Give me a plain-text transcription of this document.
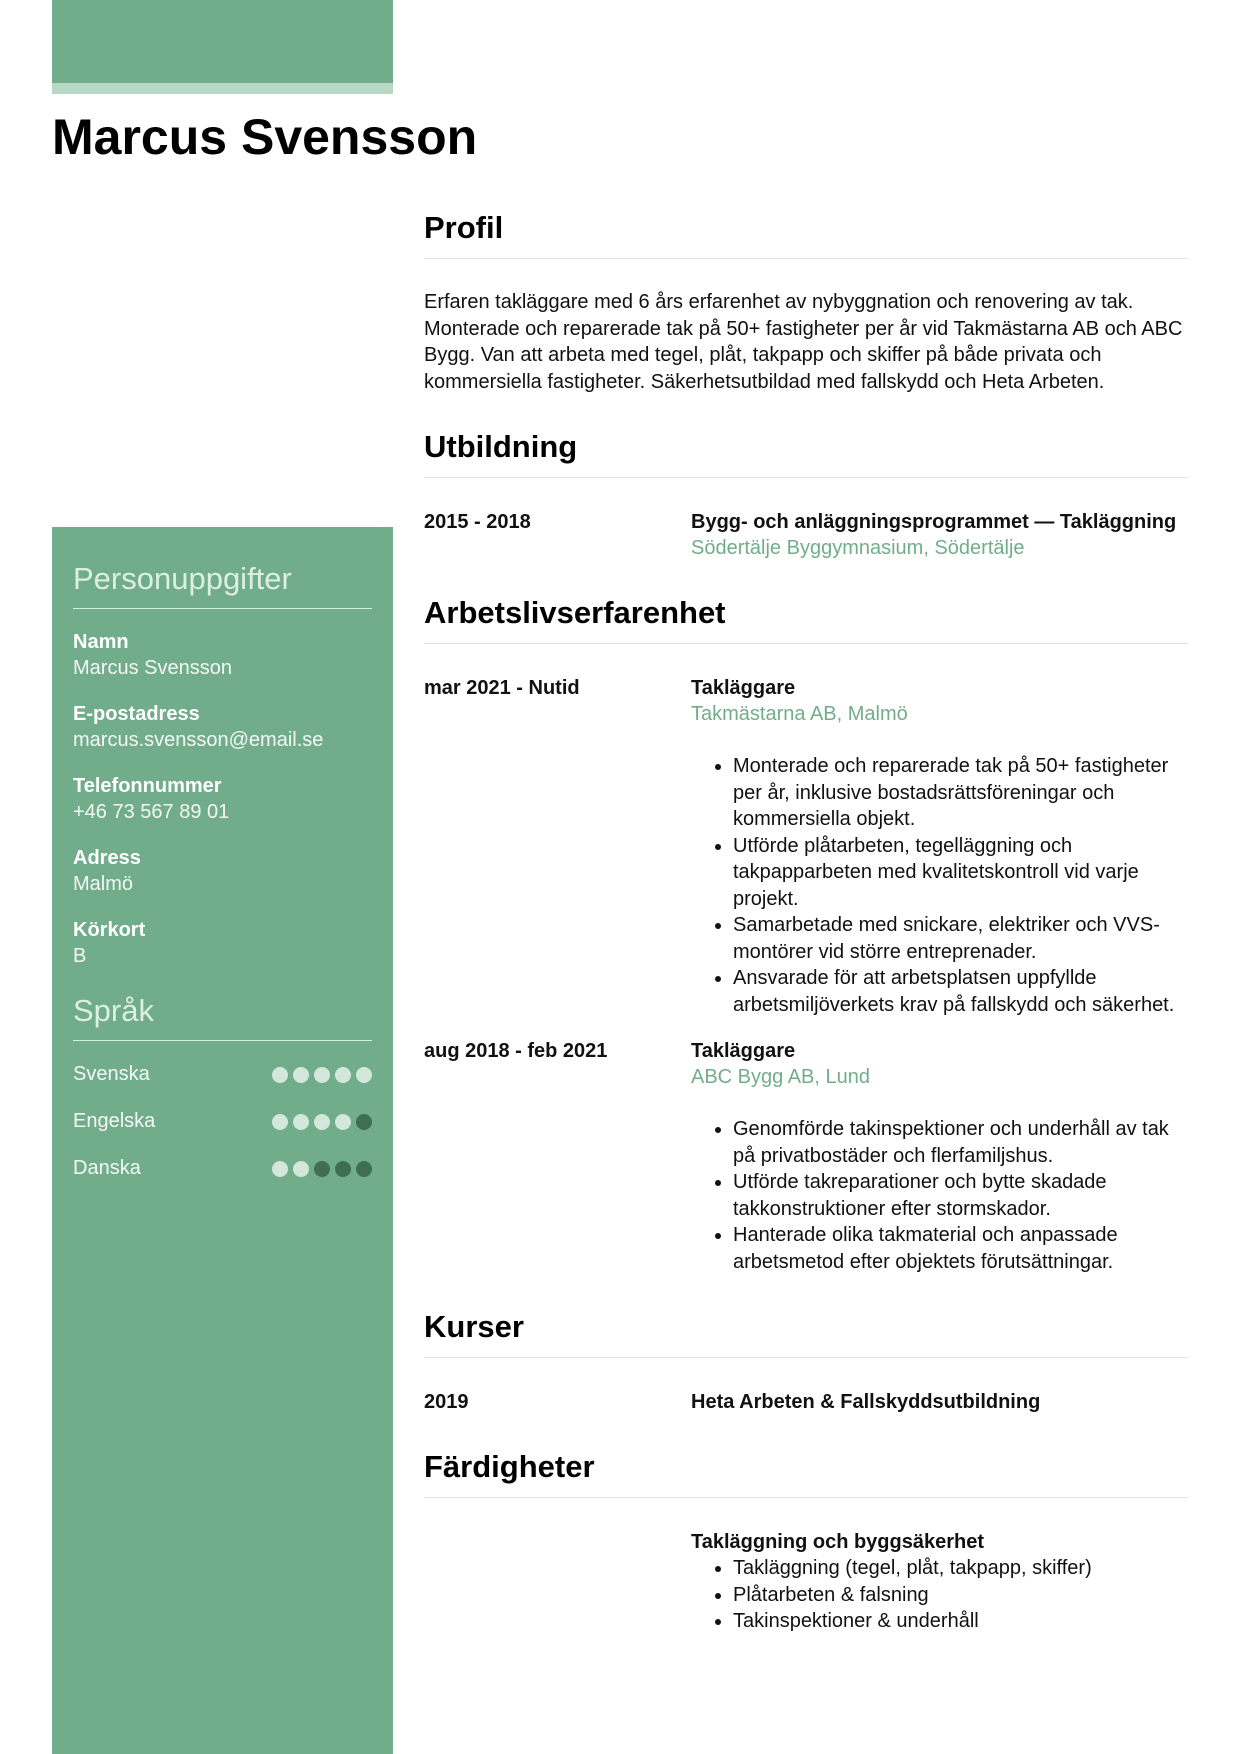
Marcus Svensson
Personuppgifter
Namn
Marcus Svensson
E-postadress
marcus.svensson@email.se
Telefonnummer
+46 73 567 89 01
Adress
Malmö
Körkort
B
Språk
Svenska
Engelska
Danska
Profil

Erfaren takläggare med 6 års erfarenhet av nybyggnation och renovering av tak. Monterade och reparerade tak på 50+ fastigheter per år vid Takmästarna AB och ABC Bygg. Van att arbeta med tegel, plåt, takpapp och skiffer på både privata och kommersiella fastigheter. Säkerhetsutbildad med fallskydd och Heta Arbeten.

Utbildning
2015 - 2018	Bygg- och anläggningsprogrammet — Takläggning
Södertälje Byggymnasium, Södertälje
Arbetslivserfarenhet
mar 2021 - Nutid	Takläggare
Takmästarna AB, Malmö
• Monterade och reparerade tak på 50+ fastigheter per år, inklusive bostadsrättsföreningar och kommersiella objekt.
• Utförde plåtarbeten, tegelläggning och takpapparbeten med kvalitetskontroll vid varje projekt.
• Samarbetade med snickare, elektriker och VVS-montörer vid större entreprenader.
• Ansvarade för att arbetsplatsen uppfyllde arbetsmiljöverkets krav på fallskydd och säkerhet.
aug 2018 - feb 2021	Takläggare
ABC Bygg AB, Lund
• Genomförde takinspektioner och underhåll av tak på privatbostäder och flerfamiljshus.
• Utförde takreparationer och bytte skadade takkonstruktioner efter stormskador.
• Hanterade olika takmaterial och anpassade arbetsmetod efter objektets förutsättningar.
Kurser
2019	Heta Arbeten & Fallskyddsutbildning
Färdigheter
Takläggning och byggsäkerhet
• Takläggning (tegel, plåt, takpapp, skiffer)
• Plåtarbeten & falsning
• Takinspektioner & underhåll
